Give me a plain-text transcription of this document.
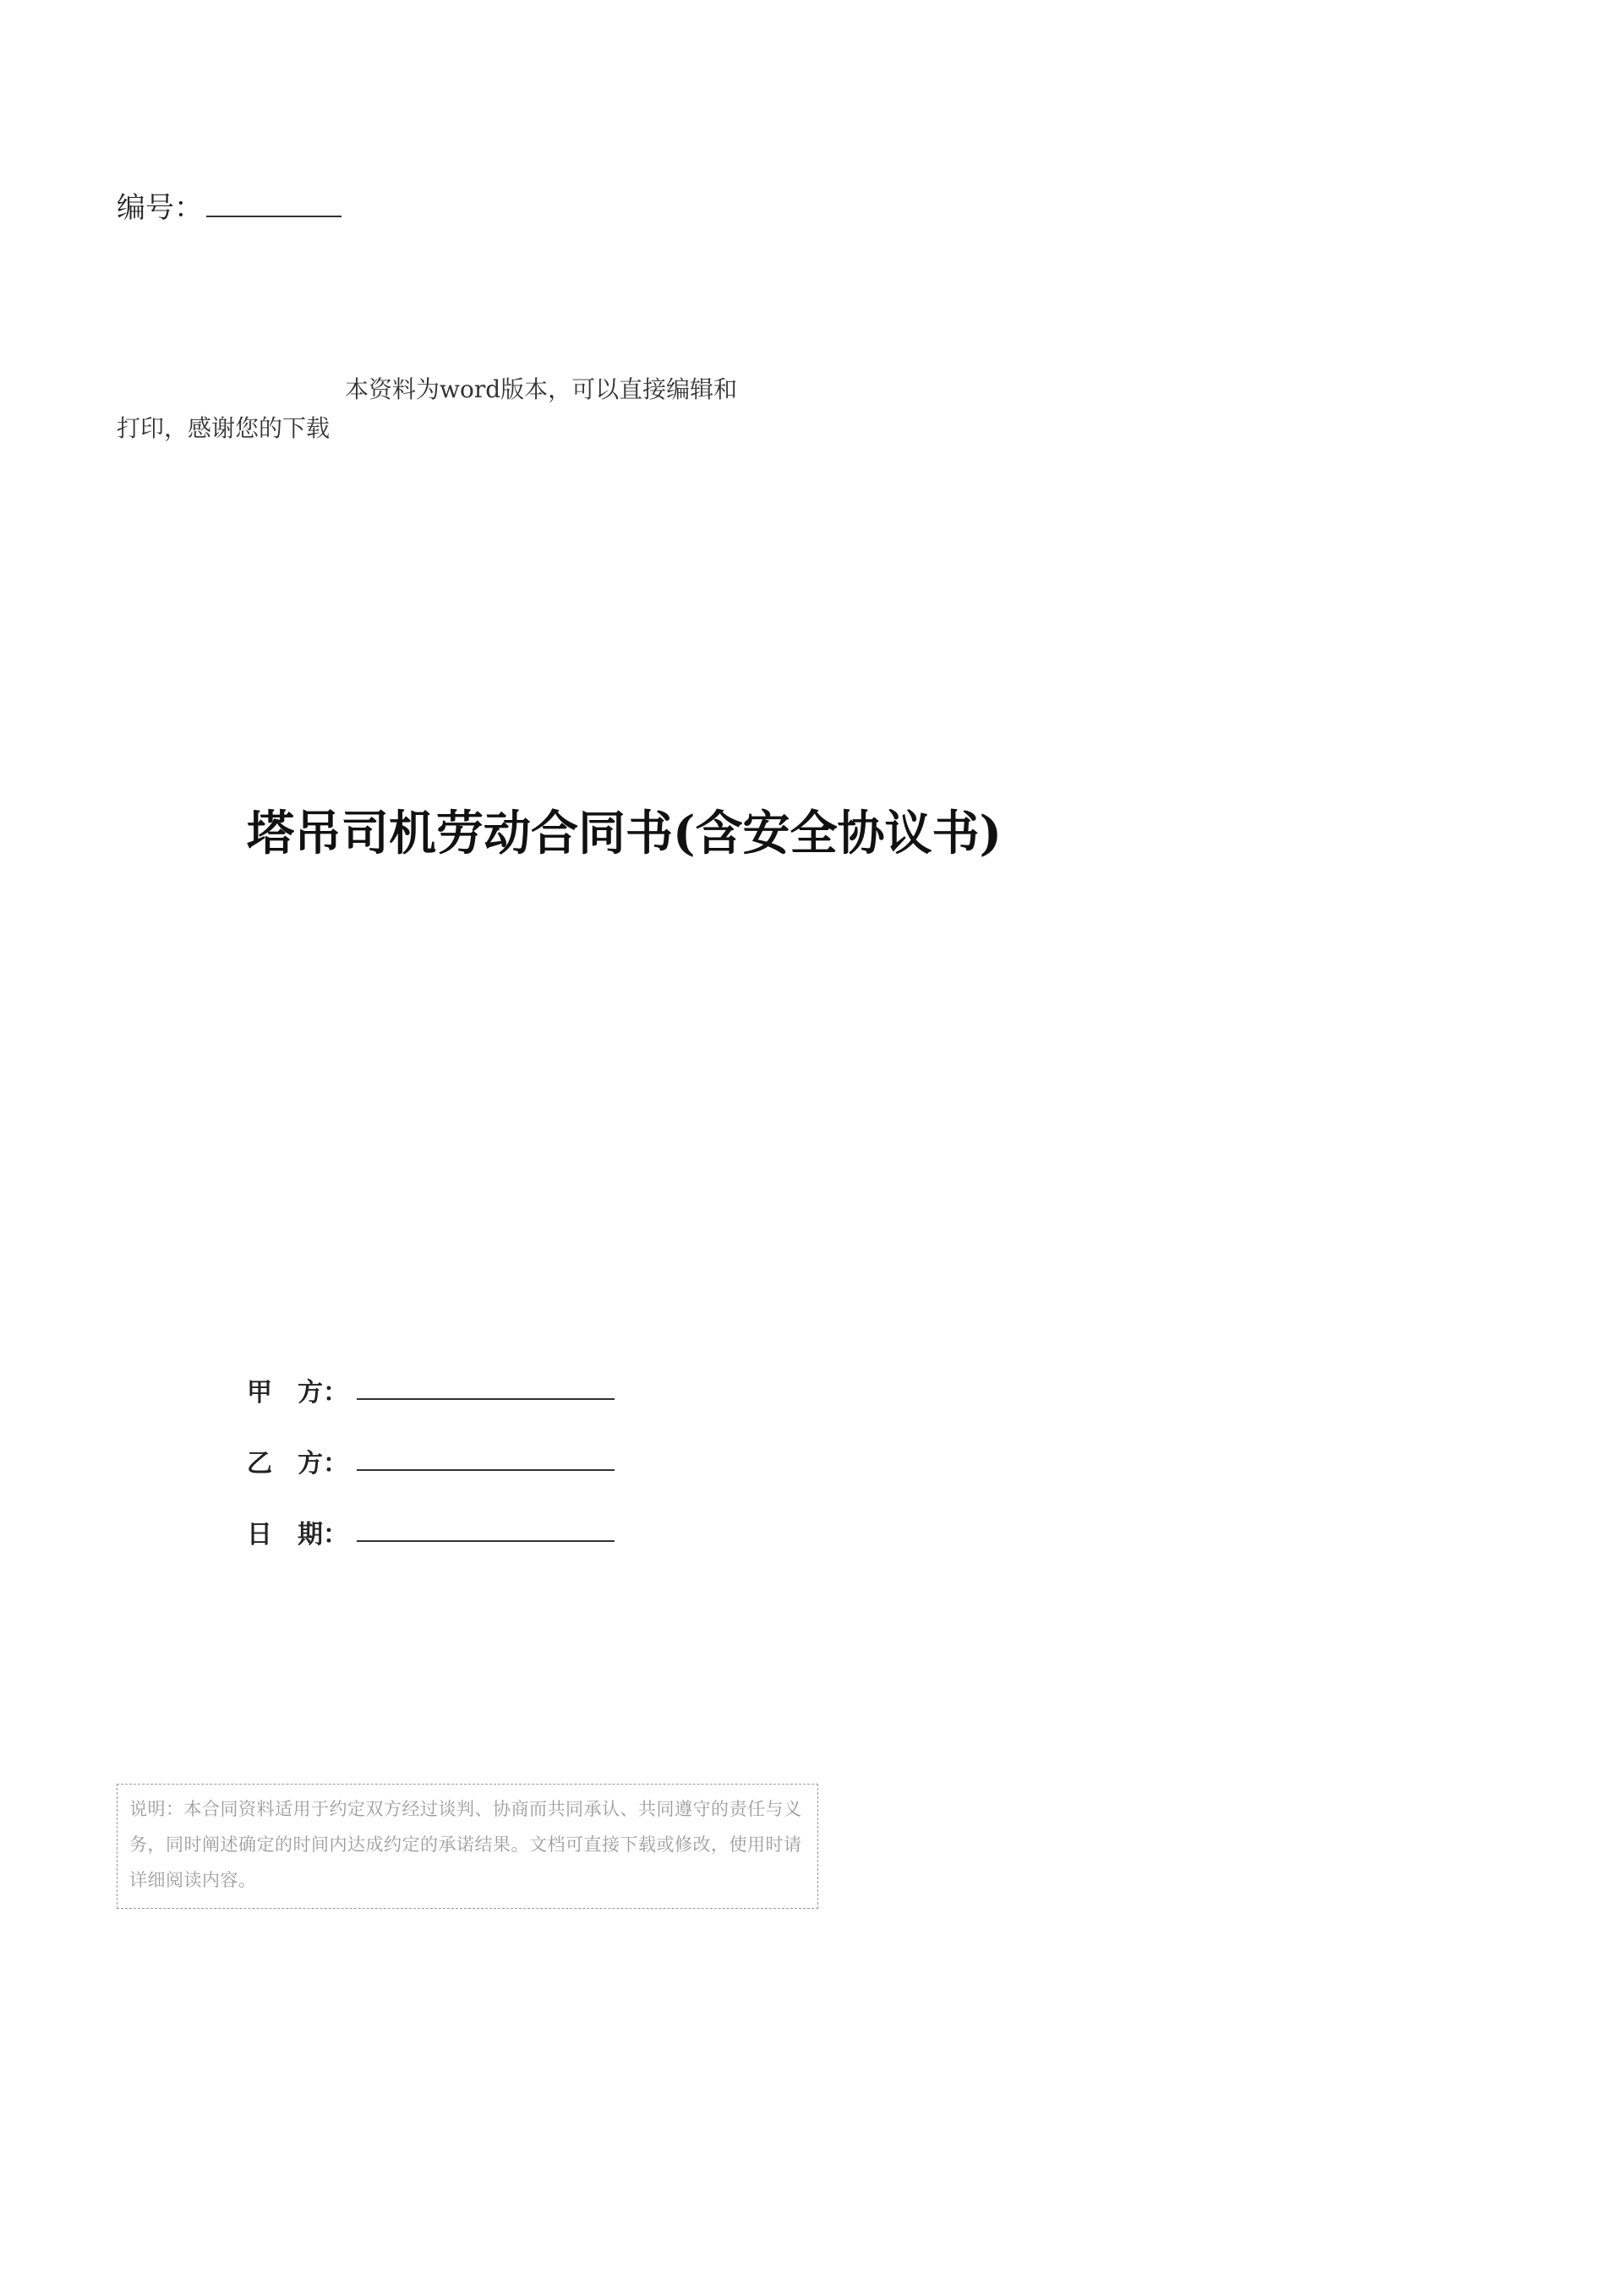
编号：
本资料为word版本，可以直接编辑和打印，感谢您的下载
塔吊司机劳动合同书(含安全协议书)
甲　方：
乙　方：
日　期：
说明：本合同资料适用于约定双方经过谈判、协商而共同承认、共同遵守的责任与义务，同时阐述确定的时间内达成约定的承诺结果。文档可直接下载或修改，使用时请详细阅读内容。
